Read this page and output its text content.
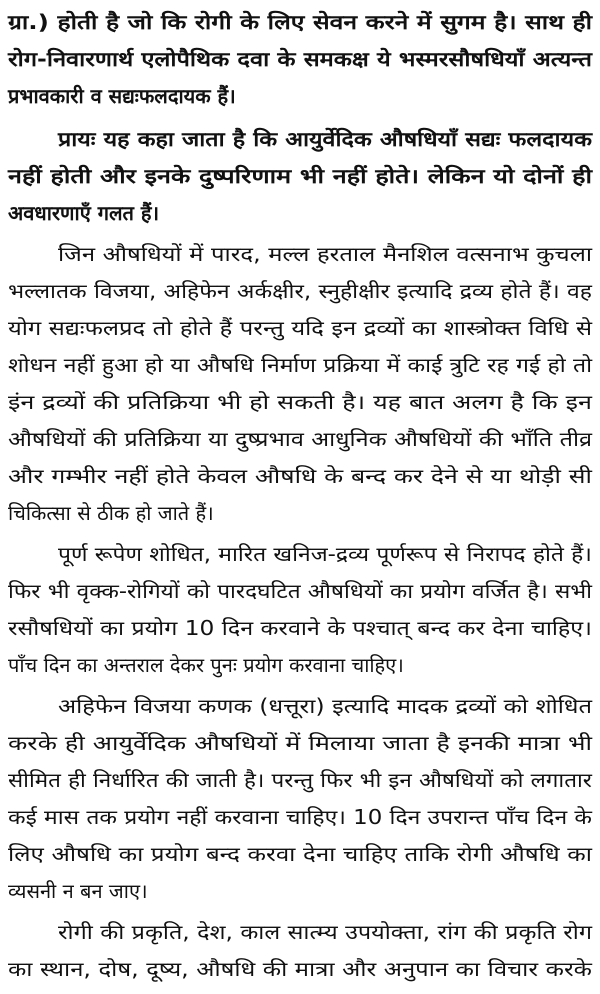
ग्रा.) होती है जो कि रोगी के लिए सेवन करने में सुगम है। साथ ही
रोग-निवारणार्थ एलोपैथिक दवा के समकक्ष ये भस्मरसौषधियाँ अत्यन्त
प्रभावकारी व सद्यःफलदायक हैं।
प्रायः यह कहा जाता है कि आयुर्वेदिक औषधियाँ सद्यः फलदायक
नहीं होती और इनके दुष्परिणाम भी नहीं होते। लेकिन यो दोनों ही
अवधारणाएँ गलत हैं।
जिन औषधियों में पारद, मल्ल हरताल मैनशिल वत्सनाभ कुचला
भल्लातक विजया, अहिफेन अर्कक्षीर, स्नुहीक्षीर इत्यादि द्रव्य होते हैं। वह
योग सद्यःफलप्रद तो होते हैं परन्तु यदि इन द्रव्यों का शास्त्रोक्त विधि से
शोधन नहीं हुआ हो या औषधि निर्माण प्रक्रिया में काई त्रुटि रह गई हो तो
इंन द्रव्यों की प्रतिक्रिया भी हो सकती है। यह बात अलग है कि इन
औषधियों की प्रतिक्रिया या दुष्प्रभाव आधुनिक औषधियों की भाँति तीव्र
और गम्भीर नहीं होते केवल औषधि के बन्द कर देने से या थोड़ी सी
चिकित्सा से ठीक हो जाते हैं।
पूर्ण रूपेण शोधित, मारित खनिज-द्रव्य पूर्णरूप से निरापद होते हैं।
फिर भी वृक्क-रोगियों को पारदघटित औषधियों का प्रयोग वर्जित है। सभी
रसौषधियों का प्रयोग 10 दिन करवाने के पश्चात् बन्द कर देना चाहिए।
पाँच दिन का अन्तराल देकर पुनः प्रयोग करवाना चाहिए।
अहिफेन विजया कणक (धत्तूरा) इत्यादि मादक द्रव्यों को शोधित
करके ही आयुर्वेदिक औषधियों में मिलाया जाता है इनकी मात्रा भी
सीमित ही निर्धारित की जाती है। परन्तु फिर भी इन औषधियों को लगातार
कई मास तक प्रयोग नहीं करवाना चाहिए। 10 दिन उपरान्त पाँच दिन के
लिए औषधि का प्रयोग बन्द करवा देना चाहिए ताकि रोगी औषधि का
व्यसनी न बन जाए।
रोगी की प्रकृति, देश, काल सात्म्य उपयोक्ता, रांग की प्रकृति रोग
का स्थान, दोष, दूष्य, औषधि की मात्रा और अनुपान का विचार करके
